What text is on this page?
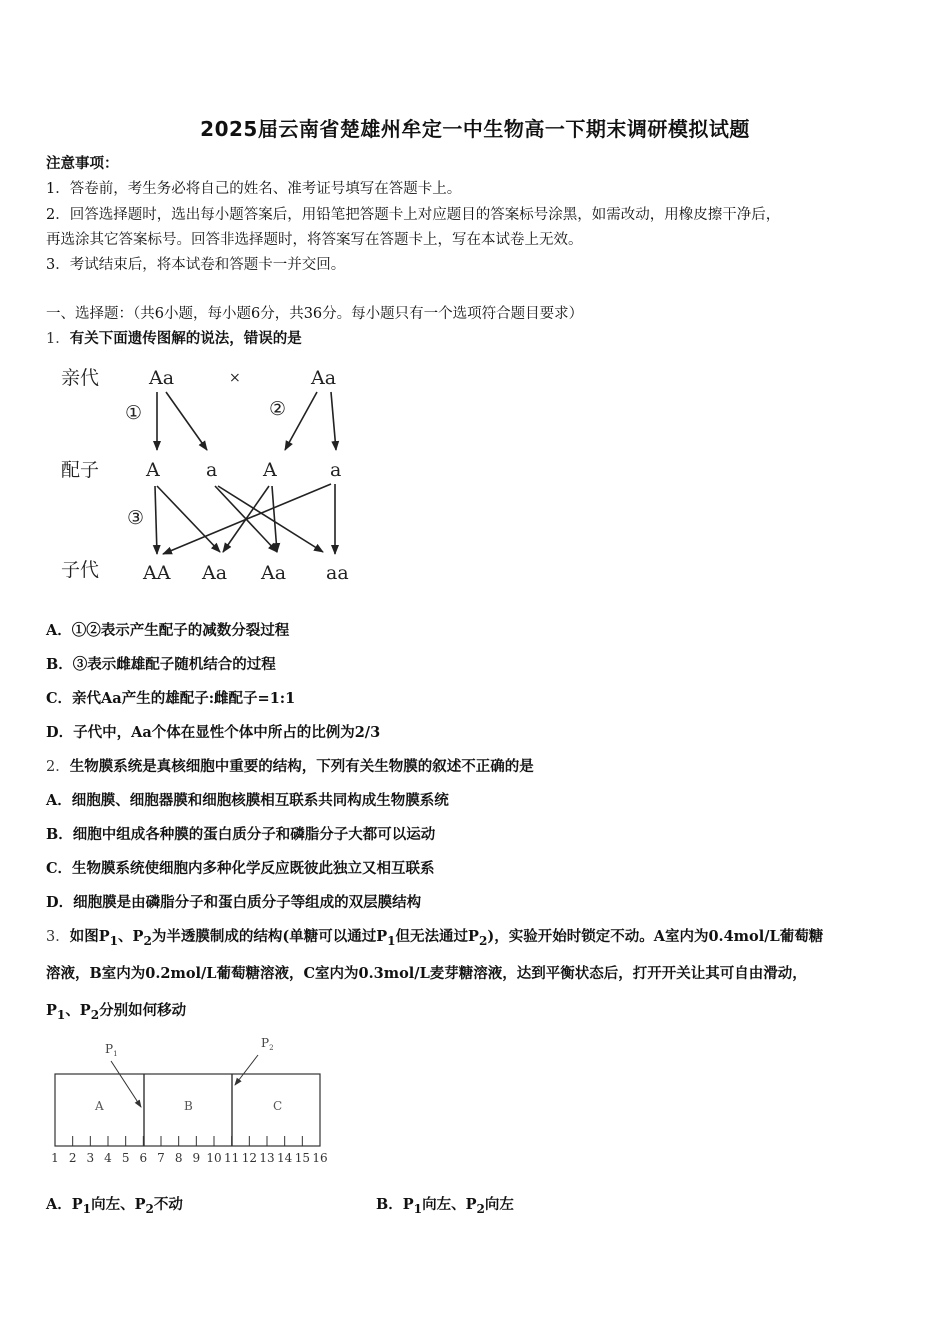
2025届云南省楚雄州牟定一中生物高一下期末调研模拟试题
注意事项：
1．答卷前，考生务必将自己的姓名、准考证号填写在答题卡上。
2．回答选择题时，选出每小题答案后，用铅笔把答题卡上对应题目的答案标号涂黑，如需改动，用橡皮擦干净后，
再选涂其它答案标号。回答非选择题时，将答案写在答题卡上，写在本试卷上无效。
3．考试结束后，将本试卷和答题卡一并交回。
一、选择题：（共6小题，每小题6分，共36分。每小题只有一个选项符合题目要求）
1．有关下面遗传图解的说法，错误的是
亲代
配子
子代
Aa	×	Aa
①	②
③
A a A	a
AA Aa Aa aa
A．①②表示产生配子的减数分裂过程
B．③表示雌雄配子随机结合的过程
C．亲代Aa产生的雄配子:雌配子=1:1
D．子代中，Aa个体在显性个体中所占的比例为2/3
2．生物膜系统是真核细胞中重要的结构，下列有关生物膜的叙述不正确的是
A．细胞膜、细胞器膜和细胞核膜相互联系共同构成生物膜系统
B．细胞中组成各种膜的蛋白质分子和磷脂分子大都可以运动
C．生物膜系统使细胞内多种化学反应既彼此独立又相互联系
D．细胞膜是由磷脂分子和蛋白质分子等组成的双层膜结构
3．如图$P_1$、$P_2$为半透膜制成的结构(单糖可以通过$P_1$但无法通过$P_2$)，实验开始时锁定不动。A室内为0.4mol/L葡萄糖
溶液，B室内为0.2mol/L葡萄糖溶液，C室内为0.3mol/L麦芽糖溶液，达到平衡状态后，打开开关让其可自由滑动，
$P_1$、$P_2$分别如何移动
$P_1$
$P_2$
A	B	C
1 2 3 4 5 6 7 8 9 10 11 12 13 14 15 16
A．$P_1$向左、$P_2$不动	B．$P_1$向左、$P_2$向左
